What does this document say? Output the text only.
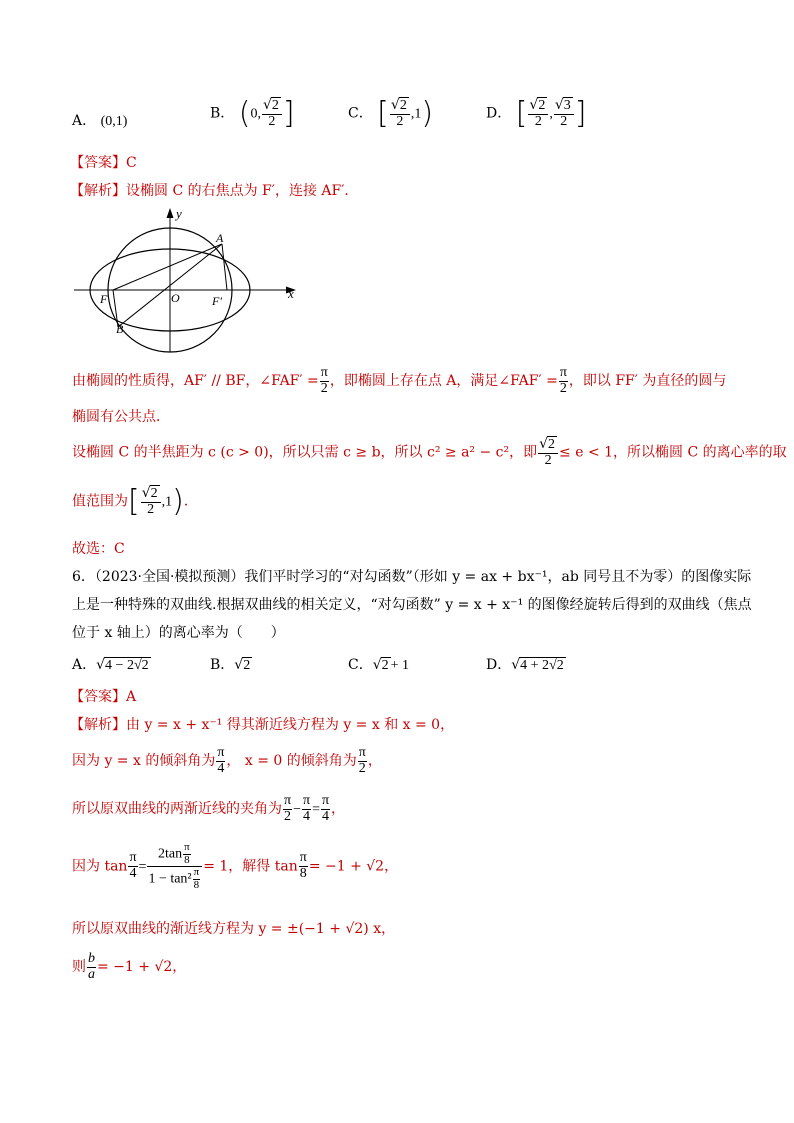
A． (0,1)	B． (0, $\frac{√2}{2}$ ]	C． [ $\frac{√2}{2} ,1$)	D． [ $\frac{√2}{2}$ , $\frac{√3}{2}$ ]
【答案】C
【解析】设椭圆 C 的右焦点为 F′，连接 AF′．
y
x
A
B
F	O	F′
由椭圆的性质得，AF′ // BF，∠FAF′ = $\frac{\pi}{2}$ ，即椭圆上存在点 A，满足∠FAF′ = $\frac{\pi}{2}$ ，即以 FF′ 为直径的圆与
椭圆有公共点．
设椭圆 C 的半焦距为 c (c > 0)，所以只需 c ≥ b，所以 c² ≥ a² − c²，即 $\frac{√2}{2} \le e < 1$，所以椭圆 C 的离心率的取
值范围为[ $\frac{√2}{2} ,1$)．
故选：C
6．（2023·全国·模拟预测）我们平时学习的“对勾函数”（形如 y = ax + bx⁻¹，ab 同号且不为零）的图像实际
上是一种特殊的双曲线.根据双曲线的相关定义，“对勾函数” y = x + x⁻¹ 的图像经旋转后得到的双曲线（焦点
位于 x 轴上）的离心率为（　　）
A．√4 − 2√2	B．√2	C．√2 + 1	D．√4 + 2√2
【答案】A
【解析】由 y = x + x⁻¹ 得其渐近线方程为 y = x 和 x = 0，
因为 y = x 的倾斜角为 $\frac{\pi}{4}$ ， x = 0 的倾斜角为 $\frac{\pi}{2}$ ，
所以原双曲线的两渐近线的夹角为 $\frac{\pi}{2} - \frac{\pi}{4} = \frac{\pi}{4}$ ，
因为 $\tan \frac{\pi}{4} = \frac{2\tan \frac{\pi}{8}}{1 - \tan^2 \frac{\pi}{8}} = 1$，解得 $\tan \frac{\pi}{8} = -1 + √2$，
所以原双曲线的渐近线方程为 y = ±(−1 + √2) x，
则 $\frac{b}{a} = -1 + √2$，
